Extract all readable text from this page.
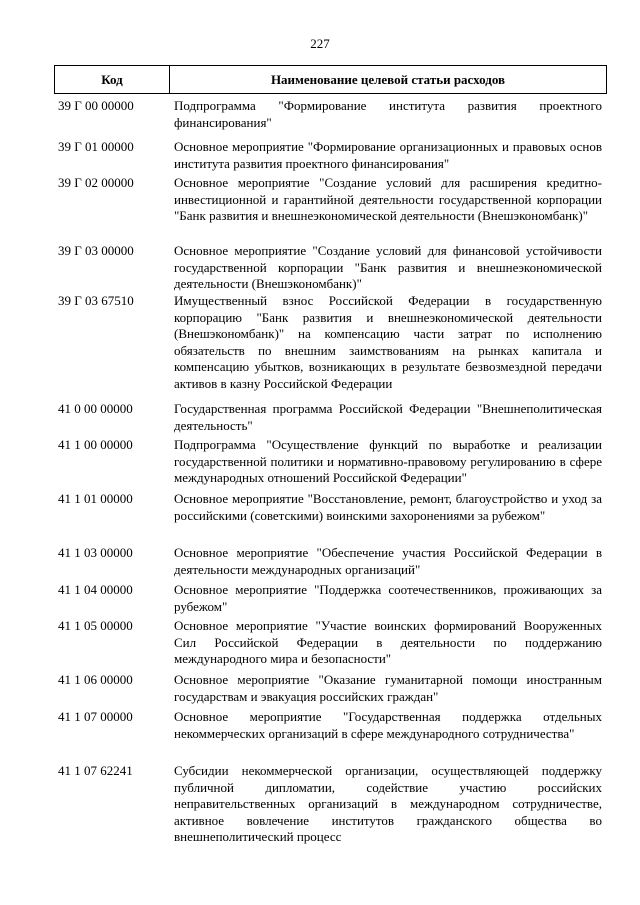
227
Код	Наименование целевой статьи расходов
39 Г 00 00000	Подпрограмма "Формирование института развития проектного финансирования"
39 Г 01 00000	Основное мероприятие "Формирование организационных и правовых основ института развития проектного финансирования"
39 Г 02 00000	Основное мероприятие "Создание условий для расширения кредитно-инвестиционной и гарантийной деятельности государственной корпорации "Банк развития и внешнеэкономической деятельности (Внешэкономбанк)"
39 Г 03 00000	Основное мероприятие "Создание условий для финансовой устойчивости государственной корпорации "Банк развития и внешнеэкономической деятельности (Внешэкономбанк)"
39 Г 03 67510	Имущественный взнос Российской Федерации в государственную корпорацию "Банк развития и внешнеэкономической деятельности (Внешэкономбанк)" на компенсацию части затрат по исполнению обязательств по внешним заимствованиям на рынках капитала и компенсацию убытков, возникающих в результате безвозмездной передачи активов в казну Российской Федерации
41 0 00 00000	Государственная программа Российской Федерации "Внешнеполитическая деятельность"
41 1 00 00000	Подпрограмма "Осуществление функций по выработке и реализации государственной политики и нормативно-правовому регулированию в сфере международных отношений Российской Федерации"
41 1 01 00000	Основное мероприятие "Восстановление, ремонт, благоустройство и уход за российскими (советскими) воинскими захоронениями за рубежом"
41 1 03 00000	Основное мероприятие "Обеспечение участия Российской Федерации в деятельности международных организаций"
41 1 04 00000	Основное мероприятие "Поддержка соотечественников, проживающих за рубежом"
41 1 05 00000	Основное мероприятие "Участие воинских формирований Вооруженных Сил Российской Федерации в деятельности по поддержанию международного мира и безопасности"
41 1 06 00000	Основное мероприятие "Оказание гуманитарной помощи иностранным государствам и эвакуация российских граждан"
41 1 07 00000	Основное мероприятие "Государственная поддержка отдельных некоммерческих организаций в сфере международного сотрудничества"
41 1 07 62241	Субсидии некоммерческой организации, осуществляющей поддержку публичной дипломатии, содействие участию российских неправительственных организаций в международном сотрудничестве, активное вовлечение институтов гражданского общества во внешнеполитический процесс
